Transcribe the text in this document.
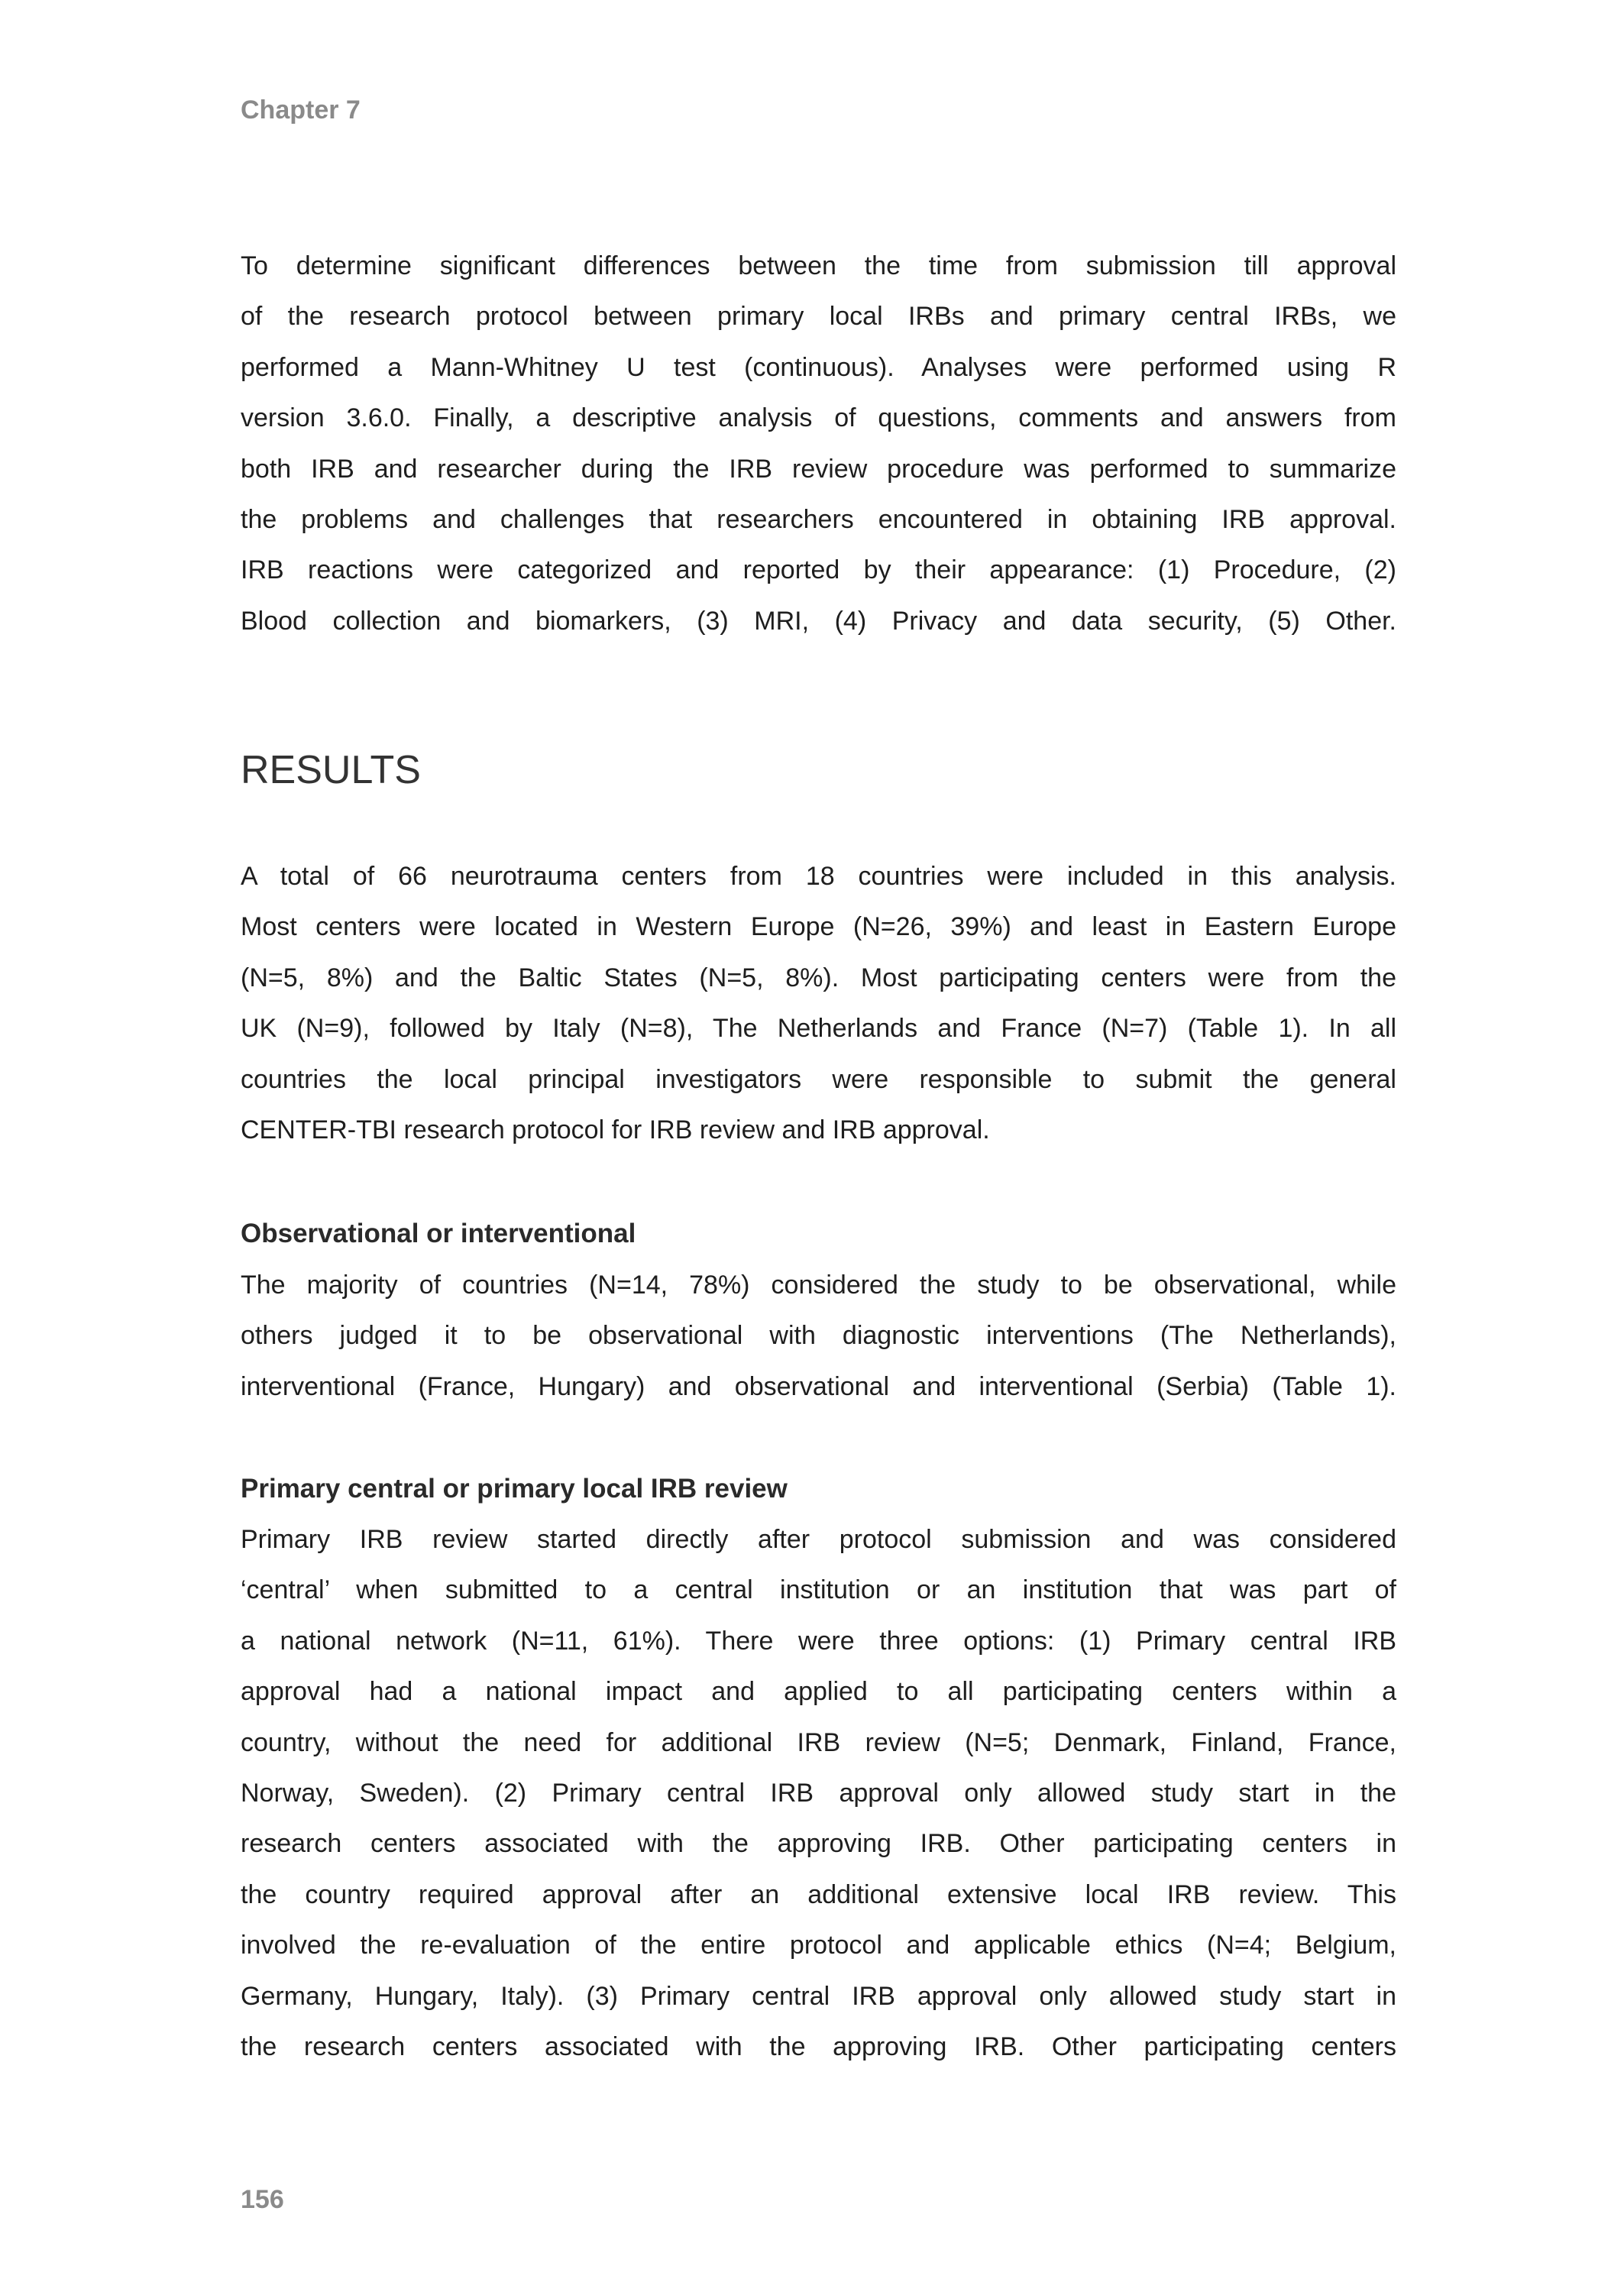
Chapter 7
To determine significant differences between the time from submission till approval
of the research protocol between primary local IRBs and primary central IRBs, we
performed a Mann-Whitney U test (continuous). Analyses were performed using R
version 3.6.0. Finally, a descriptive analysis of questions, comments and answers from
both IRB and researcher during the IRB review procedure was performed to summarize
the problems and challenges that researchers encountered in obtaining IRB approval.
IRB reactions were categorized and reported by their appearance: (1) Procedure, (2)
Blood collection and biomarkers, (3) MRI, (4) Privacy and data security, (5) Other.
RESULTS
A total of 66 neurotrauma centers from 18 countries were included in this analysis.
Most centers were located in Western Europe (N=26, 39%) and least in Eastern Europe
(N=5, 8%) and the Baltic States (N=5, 8%). Most participating centers were from the
UK (N=9), followed by Italy (N=8), The Netherlands and France (N=7) (Table 1). In all
countries the local principal investigators were responsible to submit the general
CENTER-TBI research protocol for IRB review and IRB approval.
Observational or interventional
The majority of countries (N=14, 78%) considered the study to be observational, while
others judged it to be observational with diagnostic interventions (The Netherlands),
interventional (France, Hungary) and observational and interventional (Serbia) (Table 1).
Primary central or primary local IRB review
Primary IRB review started directly after protocol submission and was considered
‘central’ when submitted to a central institution or an institution that was part of
a national network (N=11, 61%). There were three options: (1) Primary central IRB
approval had a national impact and applied to all participating centers within a
country, without the need for additional IRB review (N=5; Denmark, Finland, France,
Norway, Sweden). (2) Primary central IRB approval only allowed study start in the
research centers associated with the approving IRB. Other participating centers in
the country required approval after an additional extensive local IRB review. This
involved the re-evaluation of the entire protocol and applicable ethics (N=4; Belgium,
Germany, Hungary, Italy). (3) Primary central IRB approval only allowed study start in
the research centers associated with the approving IRB. Other participating centers
156
